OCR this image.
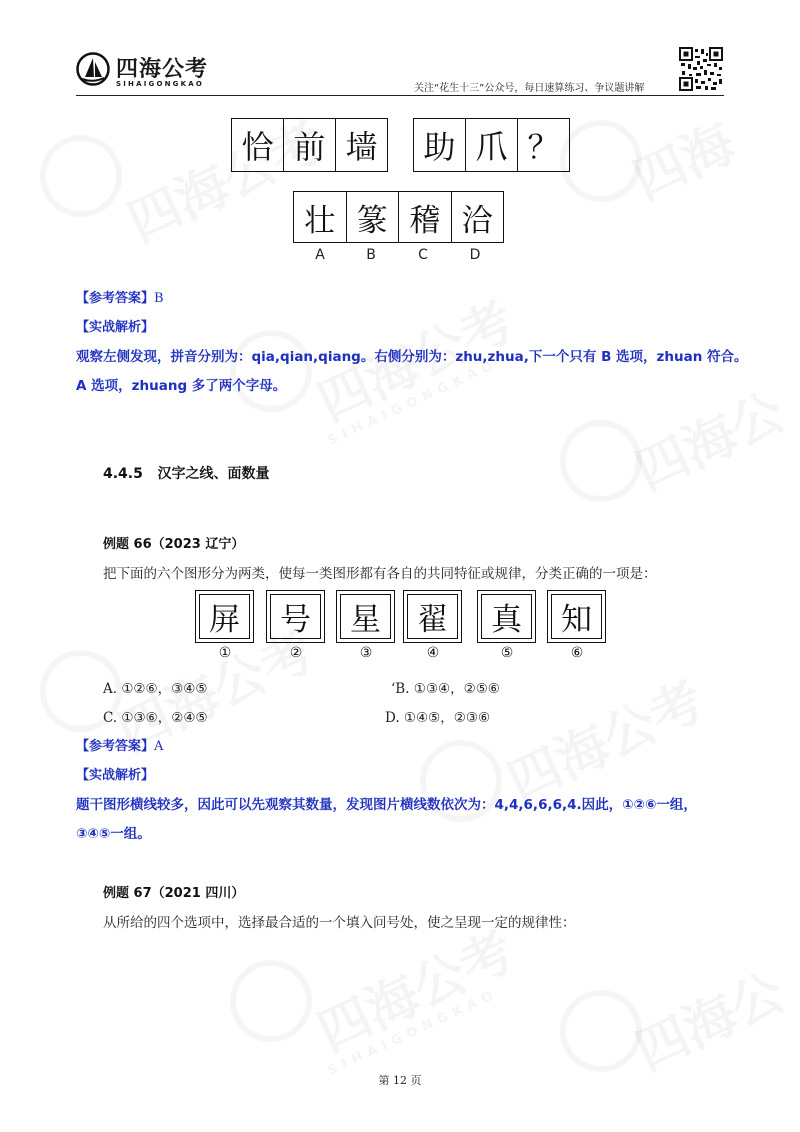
四海公考
SIHAIGONGKAO	关注“花生十三”公众号，每日速算练习、争议题讲解
恰 前 墙 助 爪 ？
壮 篆 稽 洽
A	B	C	D
【参考答案】B
【实战解析】
观察左侧发现，拼音分别为：qia,qian,qiang。右侧分别为：zhu,zhua,下一个只有 B 选项，zhuan 符合。
A 选项，zhuang 多了两个字母。
4.4.5 汉字之线、面数量
例题 66（2023 辽宁）
把下面的六个图形分为两类，使每一类图形都有各自的共同特征或规律，分类正确的一项是：
屏 号 星 翟 真 知
①	②	③	④	⑤	⑥
A. ①②⑥，③④⑤	‘B. ①③④，②⑤⑥
C. ①③⑥，②④⑤	D. ①④⑤，②③⑥
【参考答案】A
【实战解析】
题干图形横线较多，因此可以先观察其数量，发现图片横线数依次为：4,4,6,6,6,4.因此，①②⑥一组，
③④⑤一组。
例题 67（2021 四川）
从所给的四个选项中，选择最合适的一个填入问号处，使之呈现一定的规律性：
第 12 页
